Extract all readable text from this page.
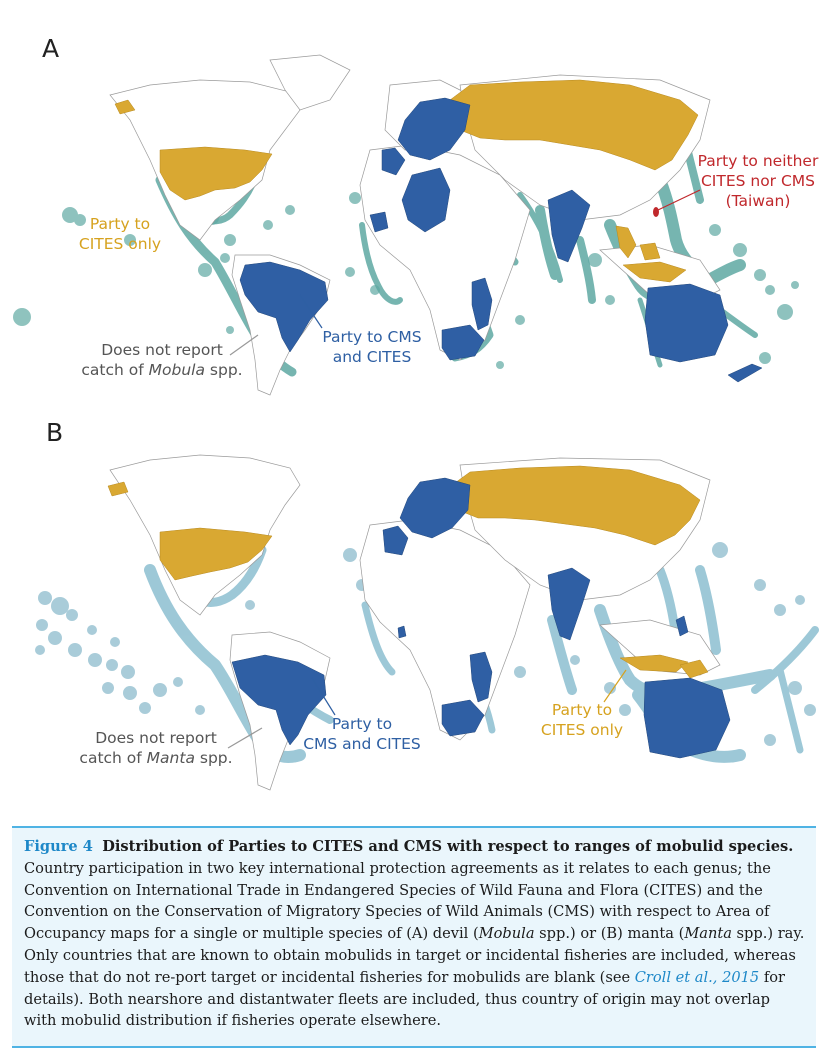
A
Party to
CITES only
Party to CMS
and CITES
Does not report
catch of Mobula spp.
Party to neither
CITES nor CMS
(Taiwan)
B
Party to
CMS and CITES
Party to
CITES only
Does not report
catch of Manta spp.
Figure 4 Distribution of Parties to CITES and CMS with respect to ranges of mobulid species. Country participation in two key international protection agreements as it relates to each genus; the Convention on International Trade in Endangered Species of Wild Fauna and Flora (CITES) and the Convention on the Conservation of Migratory Species of Wild Animals (CMS) with respect to Area of Occupancy maps for a single or multiple species of (A) devil (Mobula spp.) or (B) manta (Manta spp.) ray. Only countries that are known to obtain mobulids in target or incidental fisheries are included, whereas those that do not re-port target or incidental fisheries for mobulids are blank (see Croll et al., 2015 for details). Both nearshore and distantwater fleets are included, thus country of origin may not overlap with mobulid distribution if fisheries operate elsewhere.
